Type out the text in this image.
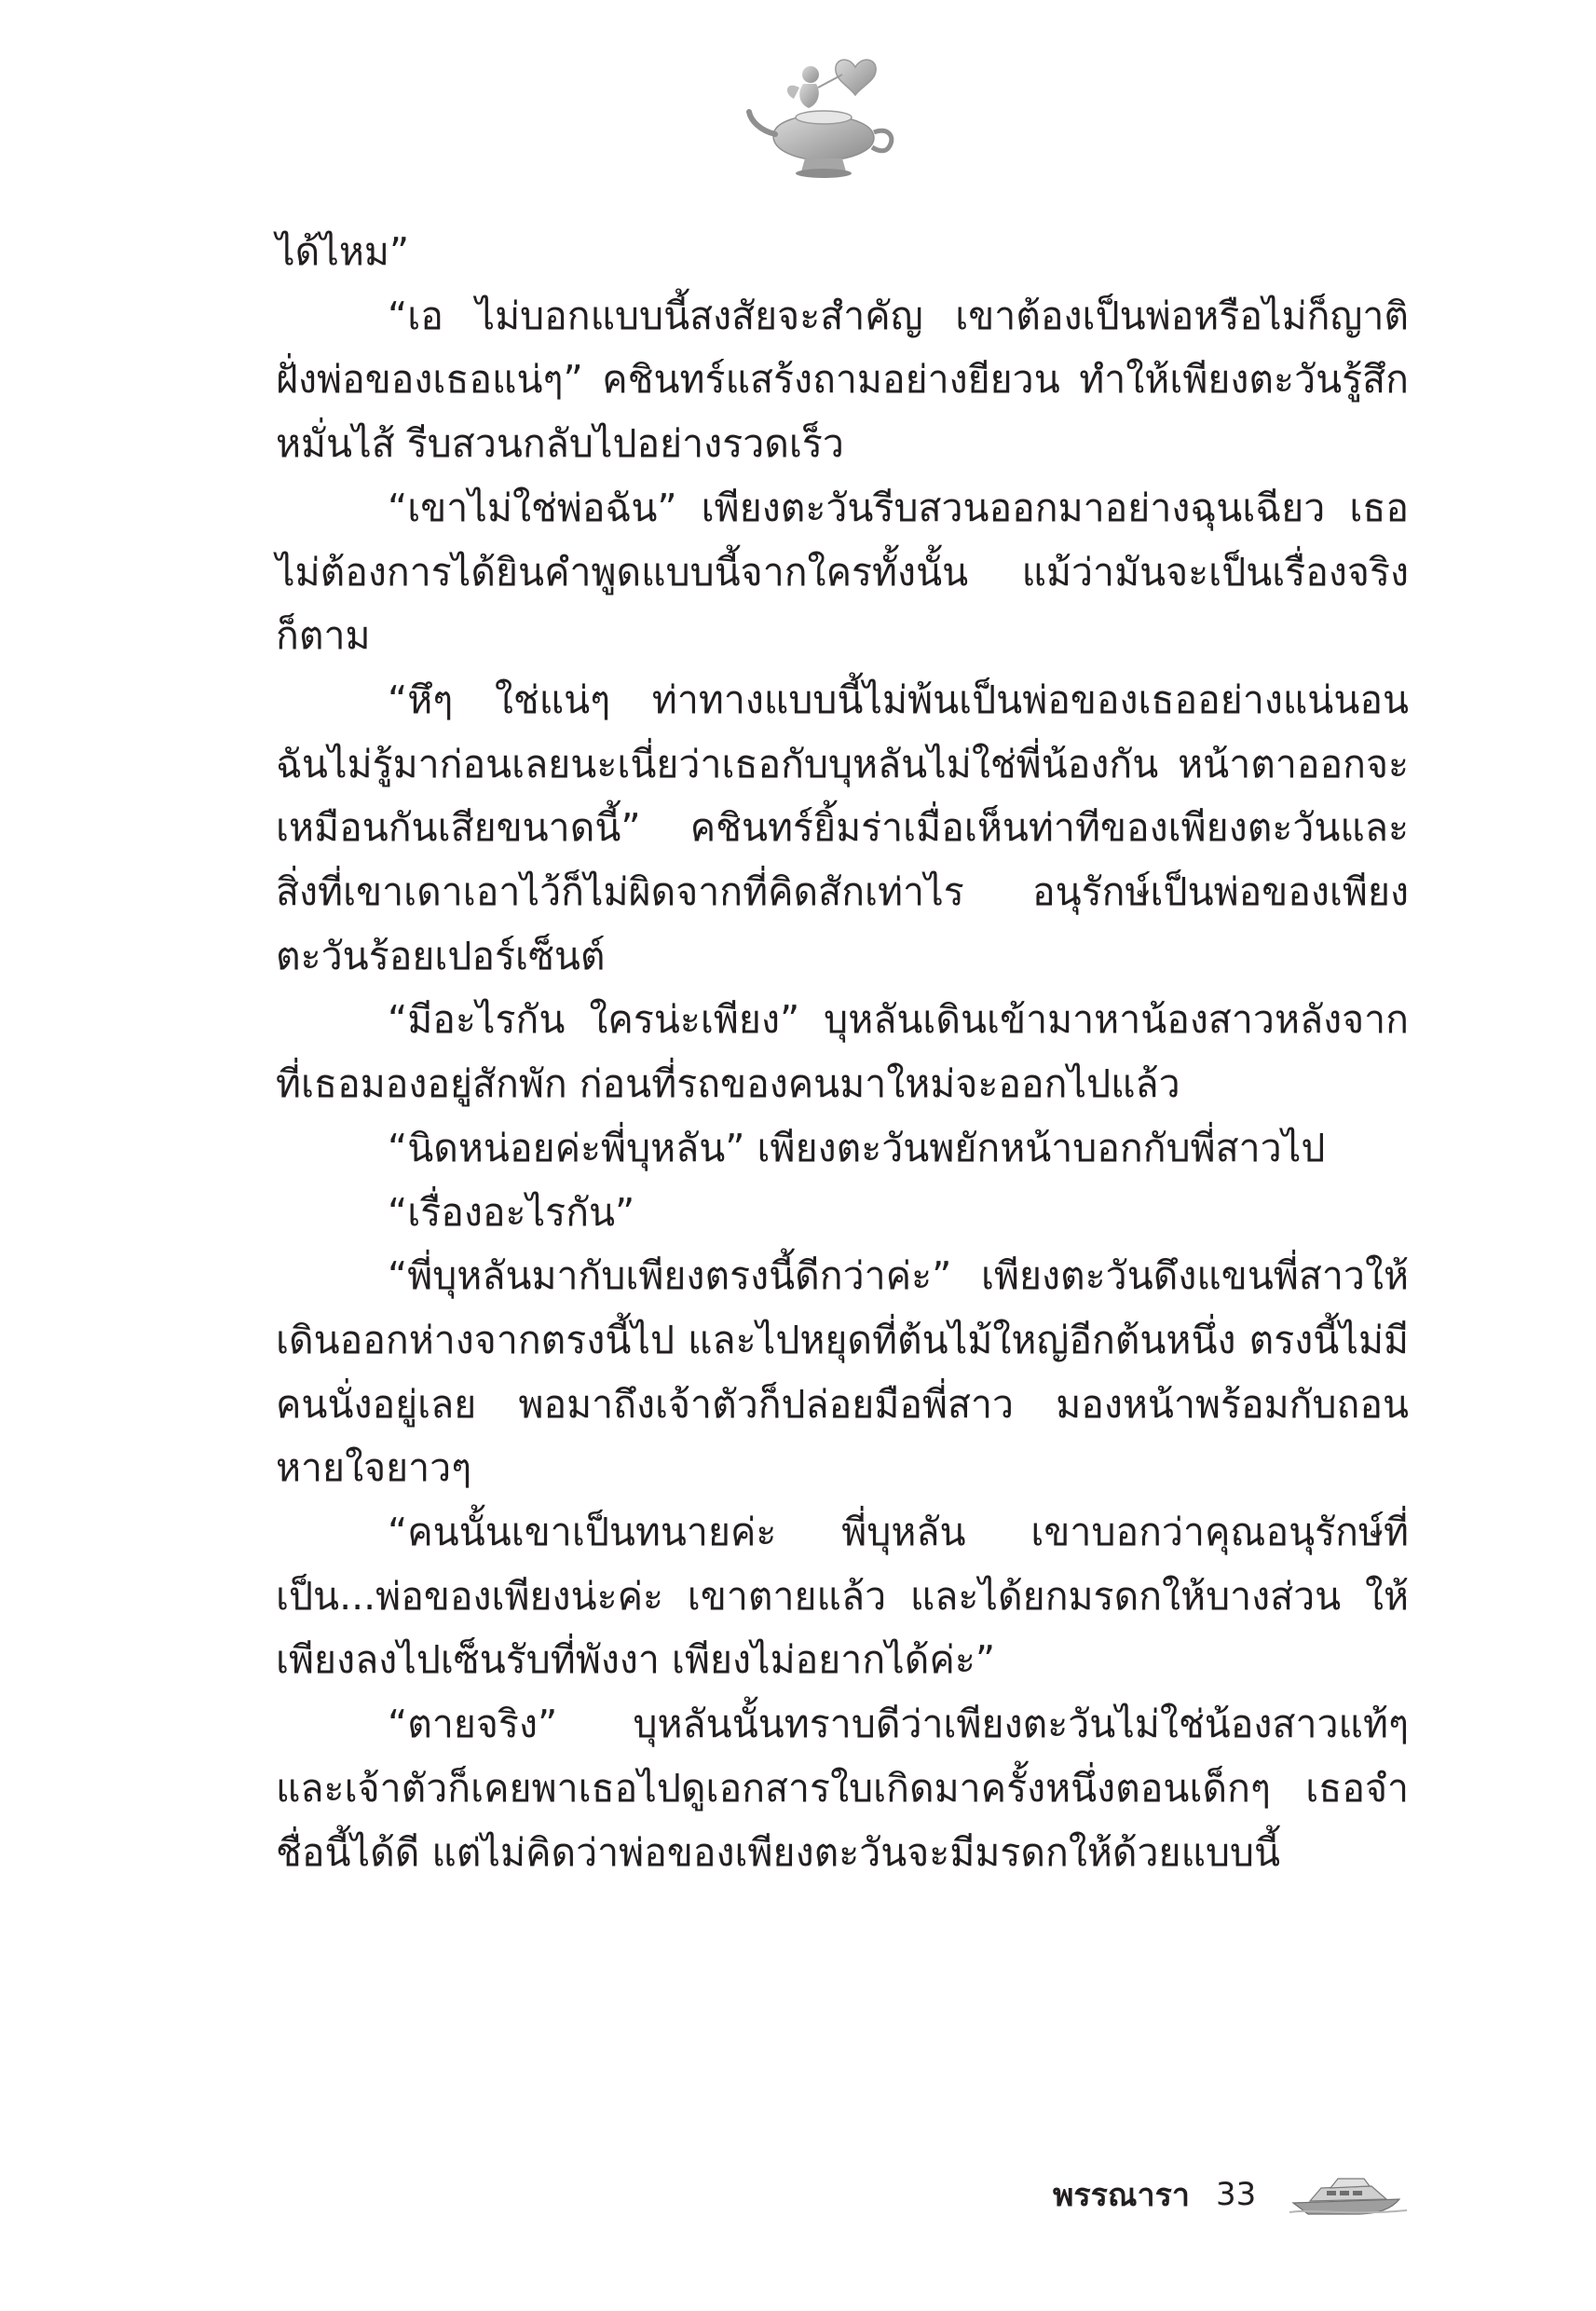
ได้ไหม”

“เอ ไม่บอกแบบนี้สงสัยจะสำคัญ เขาต้องเป็นพ่อหรือไม่ก็ญาติฝั่งพ่อของเธอแน่ๆ” คชินทร์แสร้งถามอย่างยียวน ทำให้เพียงตะวันรู้สึกหมั่นไส้ รีบสวนกลับไปอย่างรวดเร็ว

“เขาไม่ใช่พ่อฉัน” เพียงตะวันรีบสวนออกมาอย่างฉุนเฉียว เธอไม่ต้องการได้ยินคำพูดแบบนี้จากใครทั้งนั้น แม้ว่ามันจะเป็นเรื่องจริงก็ตาม

“หึๆ ใช่แน่ๆ ท่าทางแบบนี้ไม่พ้นเป็นพ่อของเธออย่างแน่นอน ฉันไม่รู้มาก่อนเลยนะเนี่ยว่าเธอกับบุหลันไม่ใช่พี่น้องกัน หน้าตาออกจะเหมือนกันเสียขนาดนี้” คชินทร์ยิ้มร่าเมื่อเห็นท่าทีของเพียงตะวันและสิ่งที่เขาเดาเอาไว้ก็ไม่ผิดจากที่คิดสักเท่าไร อนุรักษ์เป็นพ่อของเพียงตะวันร้อยเปอร์เซ็นต์

“มีอะไรกัน ใครน่ะเพียง” บุหลันเดินเข้ามาหาน้องสาวหลังจากที่เธอมองอยู่สักพัก ก่อนที่รถของคนมาใหม่จะออกไปแล้ว

“นิดหน่อยค่ะพี่บุหลัน” เพียงตะวันพยักหน้าบอกกับพี่สาวไป

“เรื่องอะไรกัน”

“พี่บุหลันมากับเพียงตรงนี้ดีกว่าค่ะ” เพียงตะวันดึงแขนพี่สาวให้เดินออกห่างจากตรงนี้ไป และไปหยุดที่ต้นไม้ใหญ่อีกต้นหนึ่ง ตรงนี้ไม่มีคนนั่งอยู่เลย พอมาถึงเจ้าตัวก็ปล่อยมือพี่สาว มองหน้าพร้อมกับถอนหายใจยาวๆ

“คนนั้นเขาเป็นทนายค่ะ พี่บุหลัน เขาบอกว่าคุณอนุรักษ์ที่เป็น...พ่อของเพียงน่ะค่ะ เขาตายแล้ว และได้ยกมรดกให้บางส่วน ให้เพียงลงไปเซ็นรับที่พังงา เพียงไม่อยากได้ค่ะ”

“ตายจริง” บุหลันนั้นทราบดีว่าเพียงตะวันไม่ใช่น้องสาวแท้ๆ และเจ้าตัวก็เคยพาเธอไปดูเอกสารใบเกิดมาครั้งหนึ่งตอนเด็กๆ เธอจำชื่อนี้ได้ดี แต่ไม่คิดว่าพ่อของเพียงตะวันจะมีมรดกให้ด้วยแบบนี้

พรรณารา 33
